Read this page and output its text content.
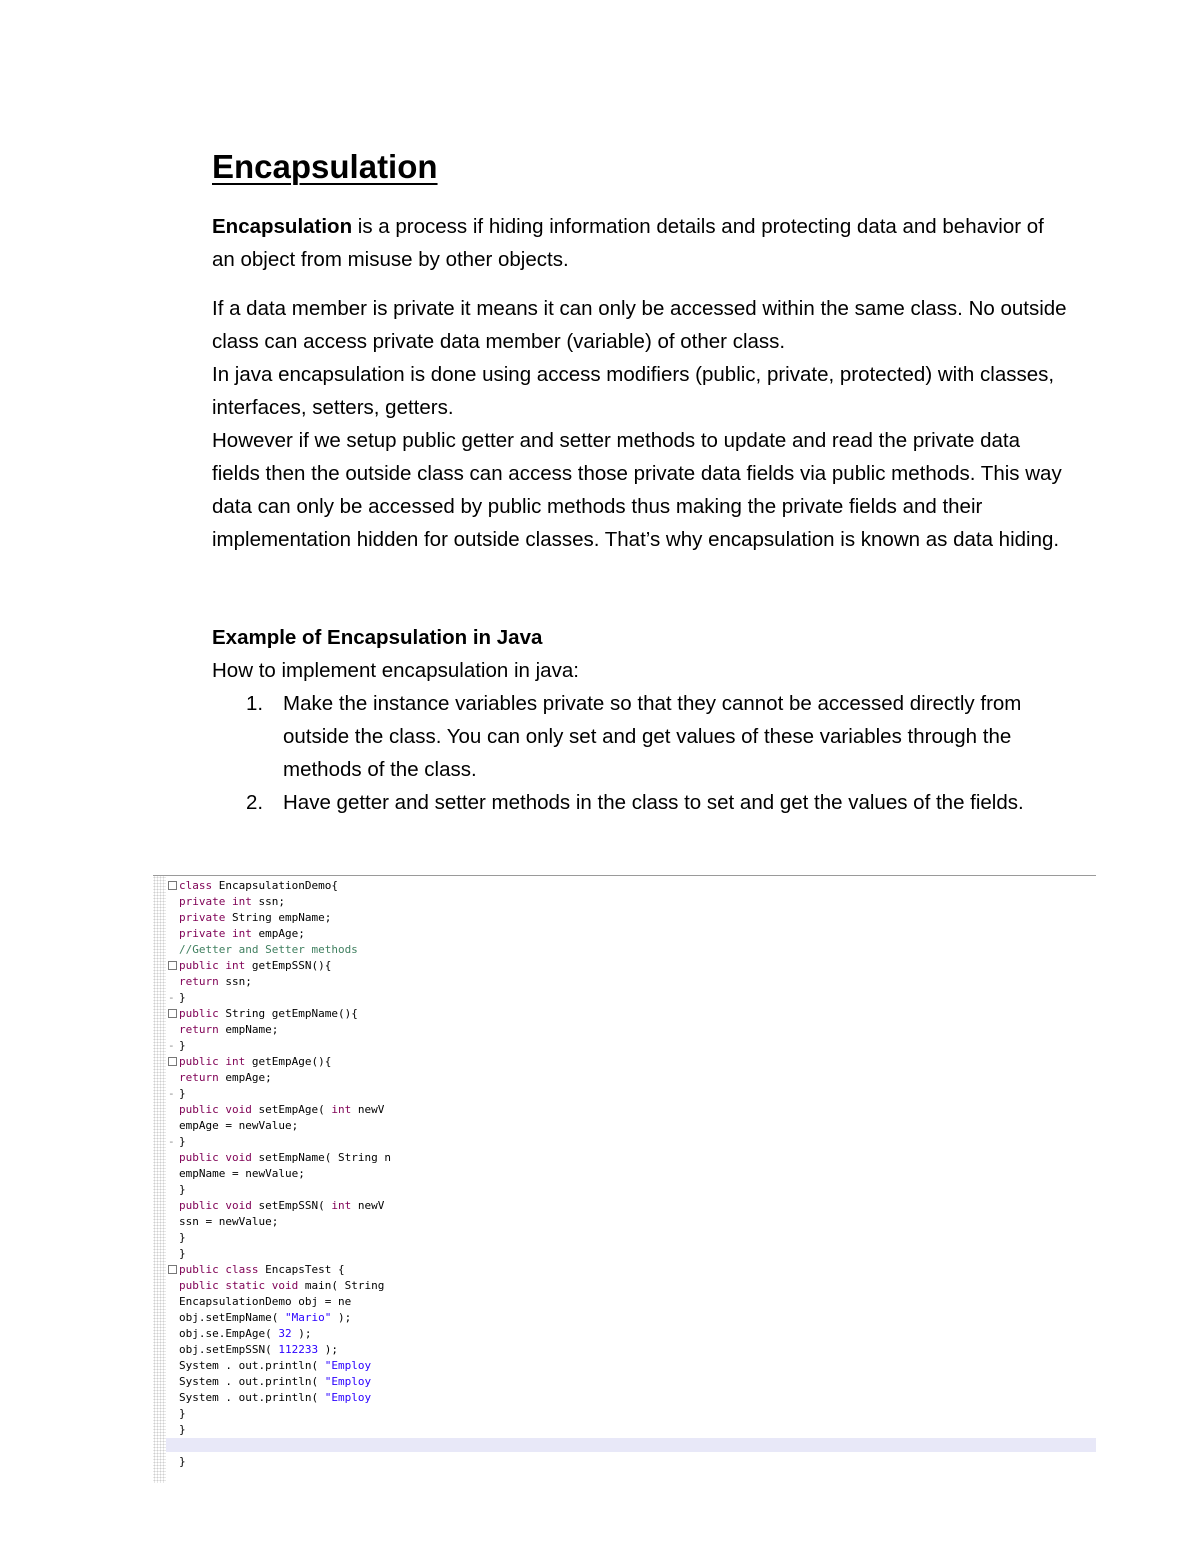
Encapsulation

Encapsulation is a process if hiding information details and protecting data and behavior of an object from misuse by other objects.

If a data member is private it means it can only be accessed within the same class. No outside class can access private data member (variable) of other class.
In java encapsulation is done using access modifiers (public, private, protected) with classes, interfaces, setters, getters.
However if we setup public getter and setter methods to update and read the private data fields then the outside class can access those private data fields via public methods. This way data can only be accessed by public methods thus making the private fields and their implementation hidden for outside classes. That’s why encapsulation is known as data hiding.
Example of Encapsulation in Java
How to implement encapsulation in java:
1. Make the instance variables private so that they cannot be accessed directly from outside the class. You can only set and get values of these variables through the methods of the class.
2. Have getter and setter methods in the class to set and get the values of the fields.
class EncapsulationDemo{
private int ssn;
private String empName;
private int empAge;
//Getter and Setter methods
public int getEmpSSN(){
return ssn;
- }
public String getEmpName(){
return empName;
- }
public int getEmpAge(){
return empAge;
- }
public void setEmpAge( int newV
empAge = newValue;
- }
public void setEmpName( String n
empName = newValue;
}
public void setEmpSSN( int newV
ssn = newValue;
}
}
public class EncapsTest {
public static void main( String
EncapsulationDemo obj = ne
obj.setEmpName( "Mario" );
obj.se.EmpAge( 32 );
obj.setEmpSSN( 112233 );
System . out.println( "Employ
System . out.println( "Employ
System . out.println( "Employ
}
}

}
